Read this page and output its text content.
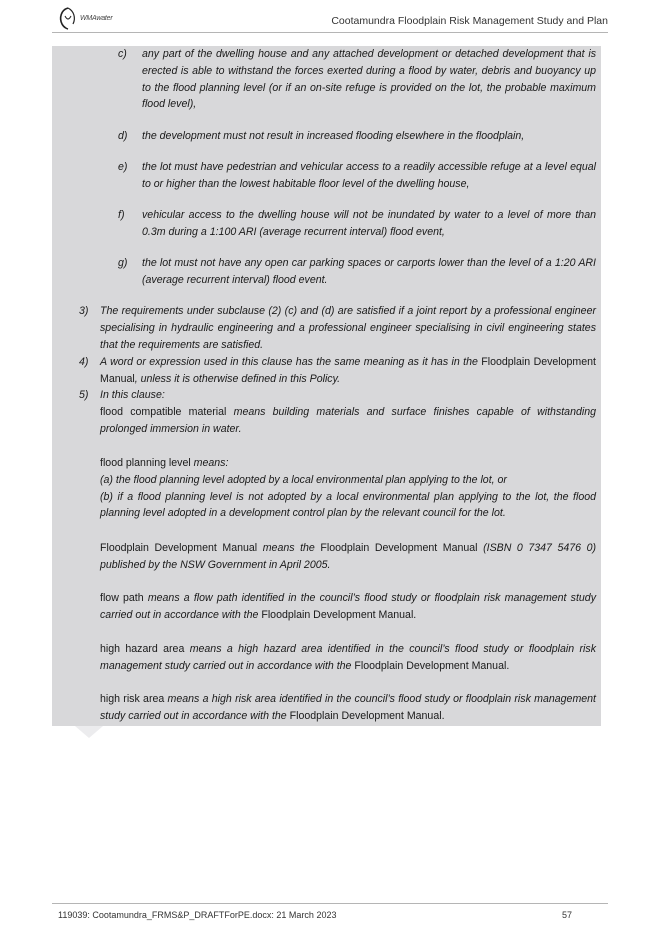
WMAwater	Cootamundra Floodplain Risk Management Study and Plan
c) any part of the dwelling house and any attached development or detached development that is erected is able to withstand the forces exerted during a flood by water, debris and buoyancy up to the flood planning level (or if an on-site refuge is provided on the lot, the probable maximum flood level),
d) the development must not result in increased flooding elsewhere in the floodplain,
e) the lot must have pedestrian and vehicular access to a readily accessible refuge at a level equal to or higher than the lowest habitable floor level of the dwelling house,
f) vehicular access to the dwelling house will not be inundated by water to a level of more than 0.3m during a 1:100 ARI (average recurrent interval) flood event,
g) the lot must not have any open car parking spaces or carports lower than the level of a 1:20 ARI (average recurrent interval) flood event.
3) The requirements under subclause (2) (c) and (d) are satisfied if a joint report by a professional engineer specialising in hydraulic engineering and a professional engineer specialising in civil engineering states that the requirements are satisfied.
4) A word or expression used in this clause has the same meaning as it has in the Floodplain Development Manual, unless it is otherwise defined in this Policy.
5) In this clause:
flood compatible material means building materials and surface finishes capable of withstanding prolonged immersion in water.
flood planning level means:
(a) the flood planning level adopted by a local environmental plan applying to the lot, or
(b) if a flood planning level is not adopted by a local environmental plan applying to the lot, the flood planning level adopted in a development control plan by the relevant council for the lot.
Floodplain Development Manual means the Floodplain Development Manual (ISBN 0 7347 5476 0) published by the NSW Government in April 2005.
flow path means a flow path identified in the council’s flood study or floodplain risk management study carried out in accordance with the Floodplain Development Manual.
high hazard area means a high hazard area identified in the council’s flood study or floodplain risk management study carried out in accordance with the Floodplain Development Manual.
high risk area means a high risk area identified in the council’s flood study or floodplain risk management study carried out in accordance with the Floodplain Development Manual.
119039: Cootamundra_FRMS&P_DRAFTForPE.docx: 21 March 2023	57
